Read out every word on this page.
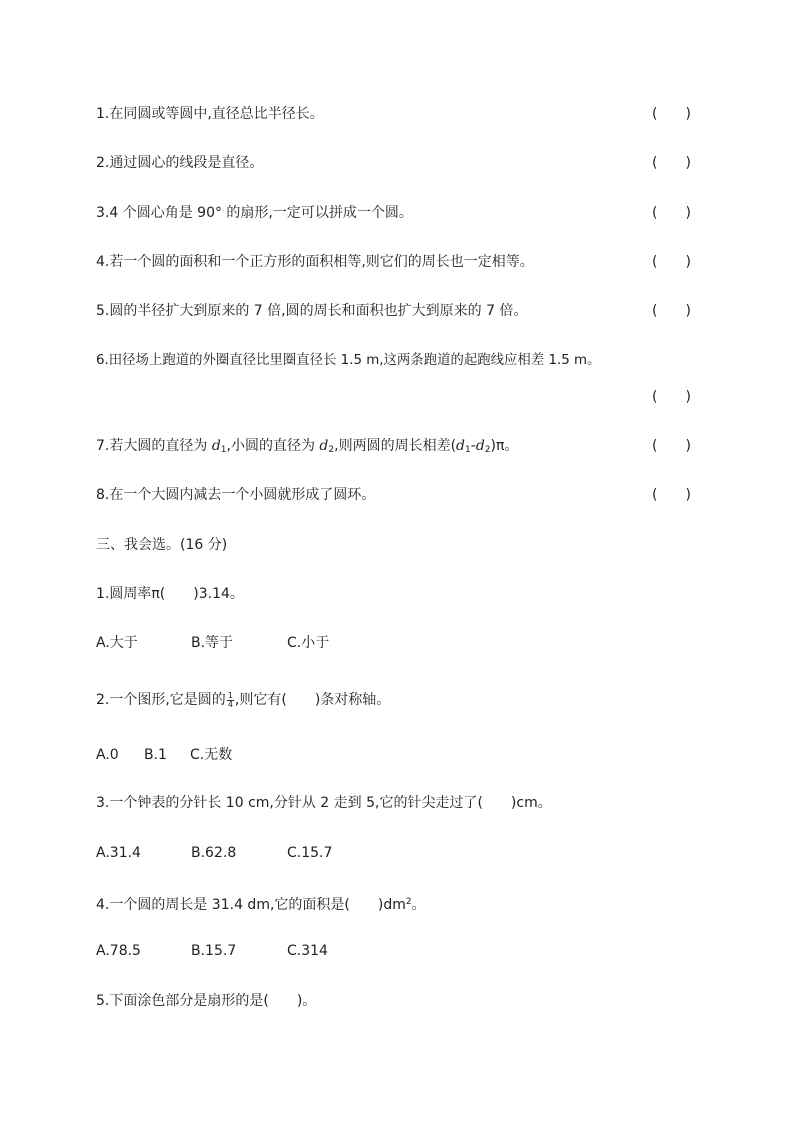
1.在同圆或等圆中,直径总比半径长。	(　　)
2.通过圆心的线段是直径。	(　　)
3.4 个圆心角是 90° 的扇形,一定可以拼成一个圆。	(　　)
4.若一个圆的面积和一个正方形的面积相等,则它们的周长也一定相等。	(　　)
5.圆的半径扩大到原来的 7 倍,圆的周长和面积也扩大到原来的 7 倍。	(　　)
6.田径场上跑道的外圈直径比里圈直径长 1.5 m,这两条跑道的起跑线应相差 1.5 m。
(　　)
7.若大圆的直径为 $d_1$,小圆的直径为 $d_2$,则两圆的周长相差$(d_1-d_2)\pi$。	(　　)
8.在一个大圆内减去一个小圆就形成了圆环。	(　　)
三、我会选。(16 分)
1.圆周率π(　　)3.14。
A.大于	B.等于	C.小于
2.一个图形,它是圆的 $\frac{1}{4}$ ,则它有(　　)条对称轴。
A.0 B.1 C.无数
3.一个钟表的分针长 10 cm,分针从 2 走到 5,它的针尖走过了(　　)cm。
A.31.4	B.62.8	C.15.7
4.一个圆的周长是 31.4 dm,它的面积是(　　)$dm^2$。
A.78.5	B.15.7	C.314
5.下面涂色部分是扇形的是(　　)。
